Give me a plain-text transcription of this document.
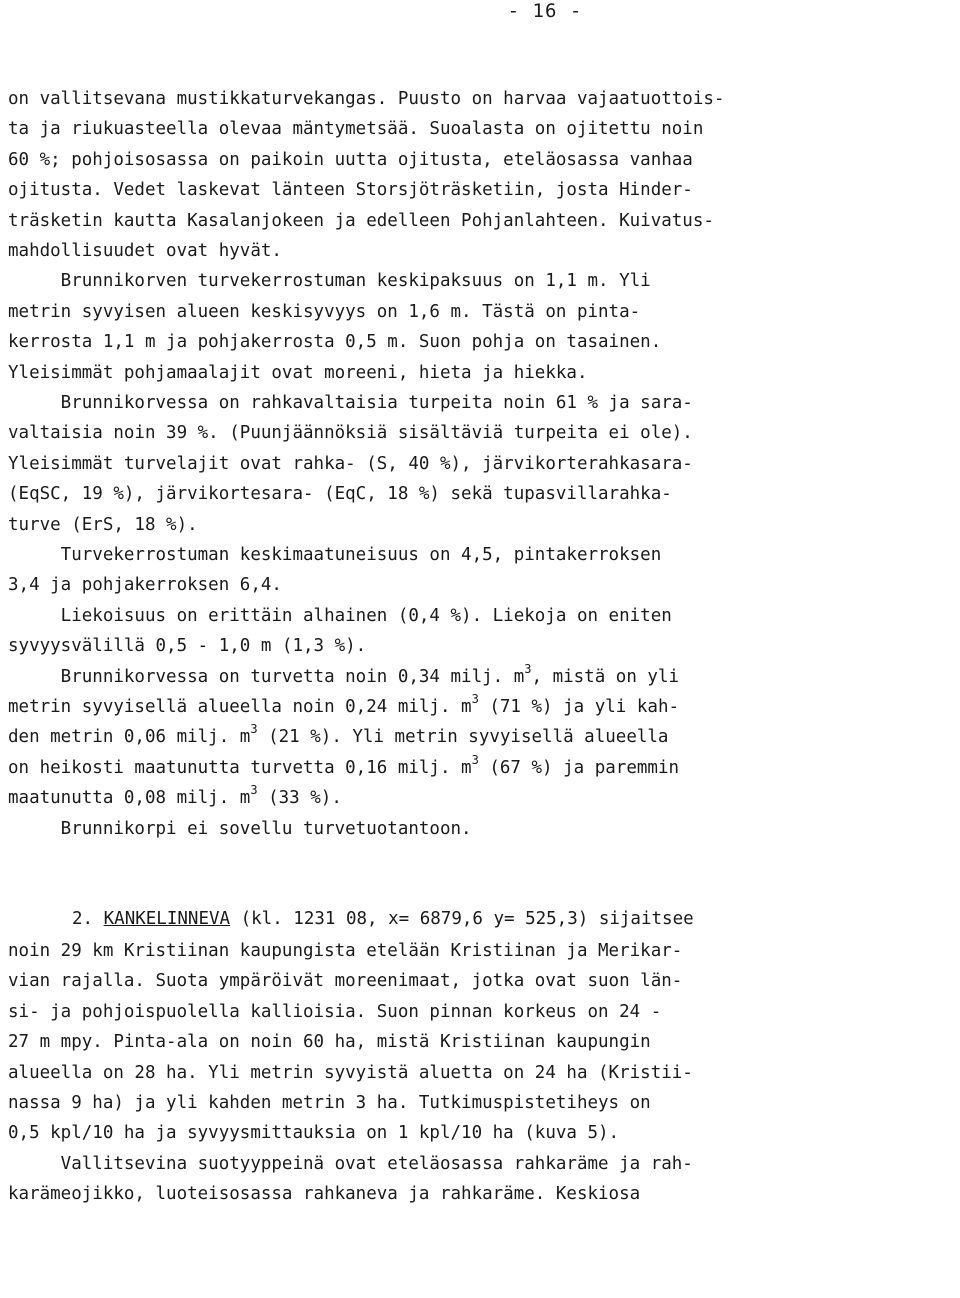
- 16 -
on vallitsevana mustikkaturvekangas. Puusto on harvaa vajaatuottois-
ta ja riukuasteella olevaa mäntymetsää. Suoalasta on ojitettu noin
60 %; pohjoisosassa on paikoin uutta ojitusta, eteläosassa vanhaa
ojitusta. Vedet laskevat länteen Storsjöträsketiin, josta Hinder-
träsketin kautta Kasalanjokeen ja edelleen Pohjanlahteen. Kuivatus-
mahdollisuudet ovat hyvät.
Brunnikorven turvekerrostuman keskipaksuus on 1,1 m. Yli
metrin syvyisen alueen keskisyvyys on 1,6 m. Tästä on pinta-
kerrosta 1,1 m ja pohjakerrosta 0,5 m. Suon pohja on tasainen.
Yleisimmät pohjamaalajit ovat moreeni, hieta ja hiekka.
Brunnikorvessa on rahkavaltaisia turpeita noin 61 % ja sara-
valtaisia noin 39 %. (Puunjäännöksiä sisältäviä turpeita ei ole).
Yleisimmät turvelajit ovat rahka- (S, 40 %), järvikorterahkasara-
(EqSC, 19 %), järvikortesara- (EqC, 18 %) sekä tupasvillarahka-
turve (ErS, 18 %).
Turvekerrostuman keskimaatuneisuus on 4,5, pintakerroksen
3,4 ja pohjakerroksen 6,4.
Liekoisuus on erittäin alhainen (0,4 %). Liekoja on eniten
syvyysvälillä 0,5 - 1,0 m (1,3 %).
Brunnikorvessa on turvetta noin 0,34 milj. $m^3$, mistä on yli
metrin syvyisellä alueella noin 0,24 milj. $m^3$ (71 %) ja yli kah-
den metrin 0,06 milj. $m^3$ (21 %). Yli metrin syvyisellä alueella
on heikosti maatunutta turvetta 0,16 milj. $m^3$ (67 %) ja paremmin
maatunutta 0,08 milj. $m^3$ (33 %).
Brunnikorpi ei sovellu turvetuotantoon.
2. KANKELINNEVA (kl. 1231 08, x= 6879,6 y= 525,3) sijaitsee
noin 29 km Kristiinan kaupungista etelään Kristiinan ja Merikar-
vian rajalla. Suota ympäröivät moreenimaat, jotka ovat suon län-
si- ja pohjoispuolella kallioisia. Suon pinnan korkeus on 24 -
27 m mpy. Pinta-ala on noin 60 ha, mistä Kristiinan kaupungin
alueella on 28 ha. Yli metrin syvyistä aluetta on 24 ha (Kristii-
nassa 9 ha) ja yli kahden metrin 3 ha. Tutkimuspistetiheys on
0,5 kpl/10 ha ja syvyysmittauksia on 1 kpl/10 ha (kuva 5).
Vallitsevina suotyyppeinä ovat eteläosassa rahkaräme ja rah-
karämeojikko, luoteisosassa rahkaneva ja rahkaräme. Keskiosa
